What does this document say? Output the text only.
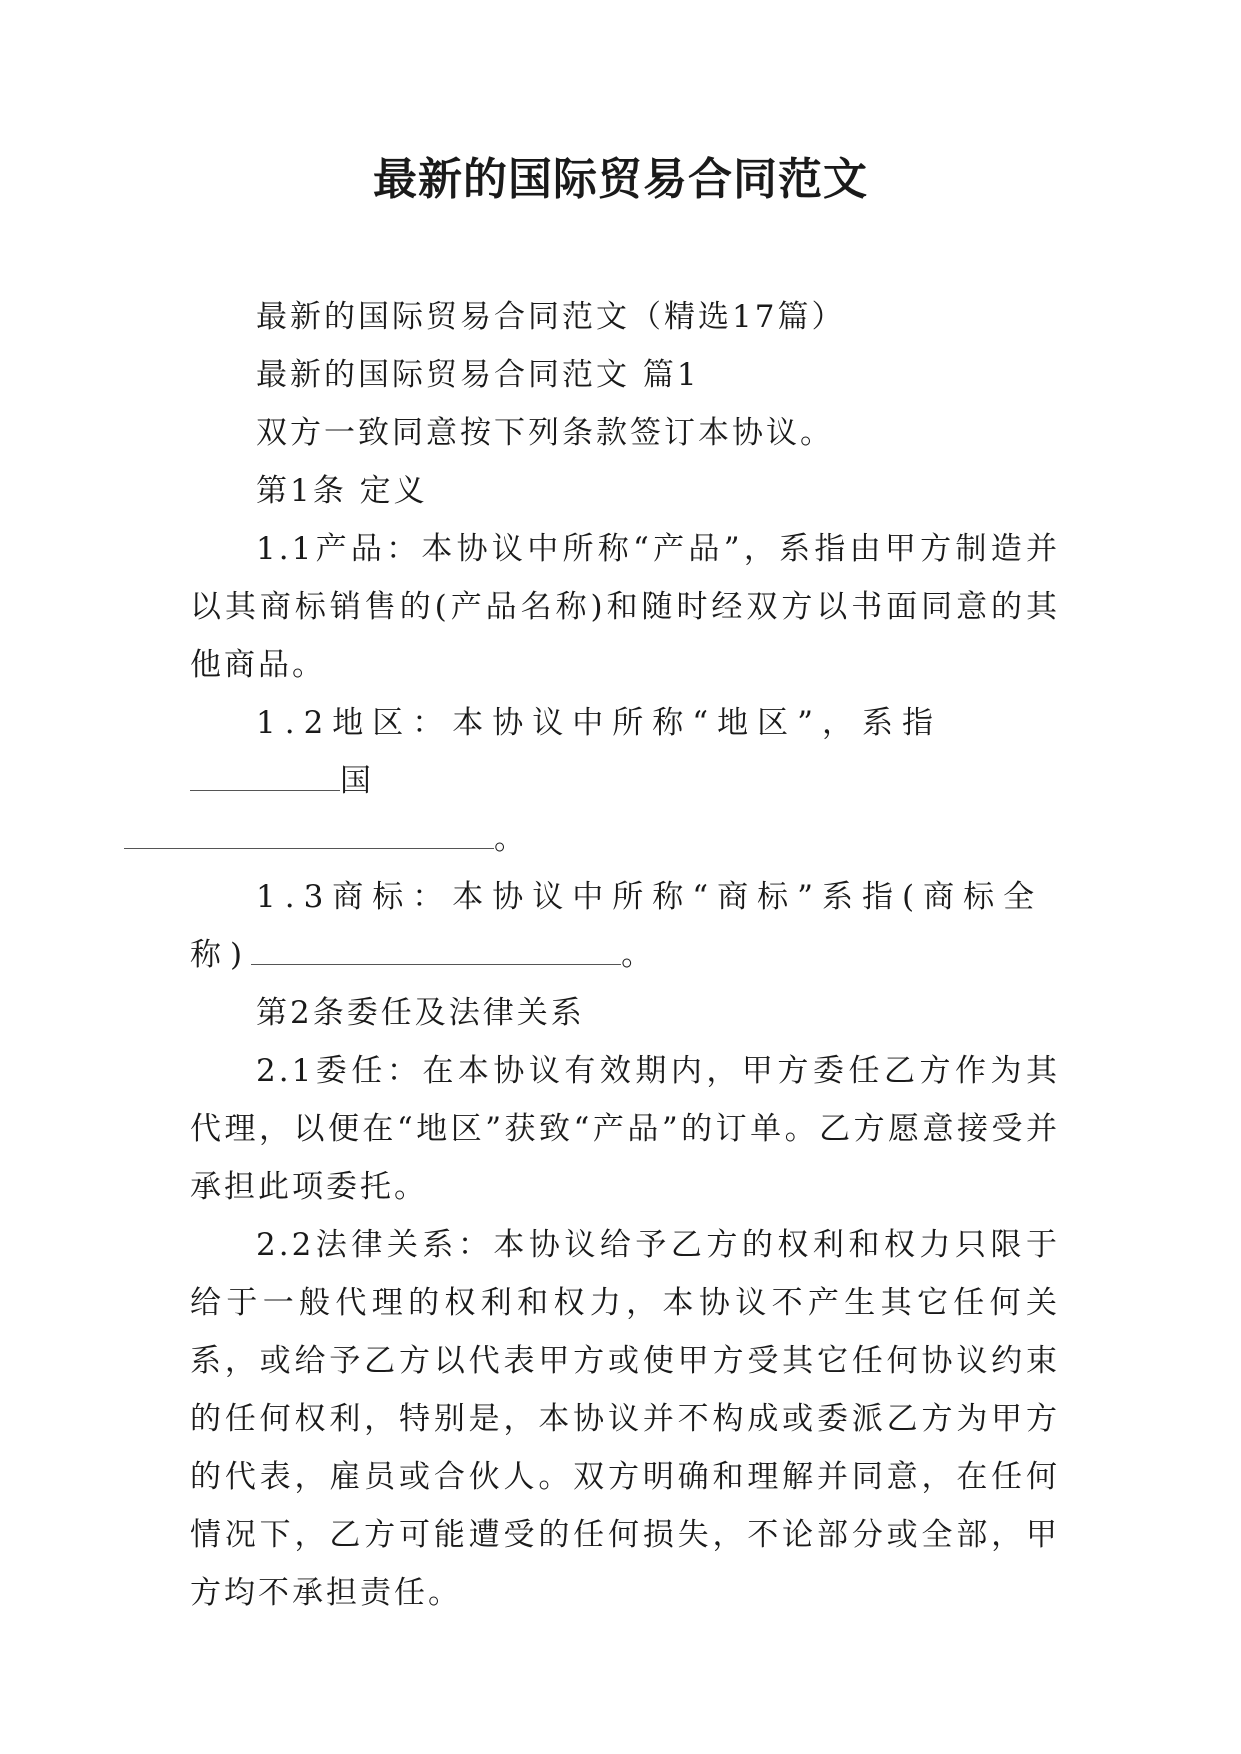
最新的国际贸易合同范文

最新的国际贸易合同范文（精选17篇）

最新的国际贸易合同范文 篇1

双方一致同意按下列条款签订本协议。

第1条 定义

1.1产品：本协议中所称“产品”，系指由甲方制造并以其商标销售的(产品名称)和随时经双方以书面同意的其他商品。

1.2地区：本协议中所称“地区”，系指国
。

1.3商标：本协议中所称“商标”系指(商标全称)	。

第2条委任及法律关系

2.1委任：在本协议有效期内，甲方委任乙方作为其代理，以便在“地区”获致“产品”的订单。乙方愿意接受并承担此项委托。

2.2法律关系：本协议给予乙方的权利和权力只限于给于一般代理的权利和权力，本协议不产生其它任何关系，或给予乙方以代表甲方或使甲方受其它任何协议约束的任何权利，特别是，本协议并不构成或委派乙方为甲方的代表，雇员或合伙人。双方明确和理解并同意，在任何情况下，乙方可能遭受的任何损失，不论部分或全部，甲方均不承担责任。
